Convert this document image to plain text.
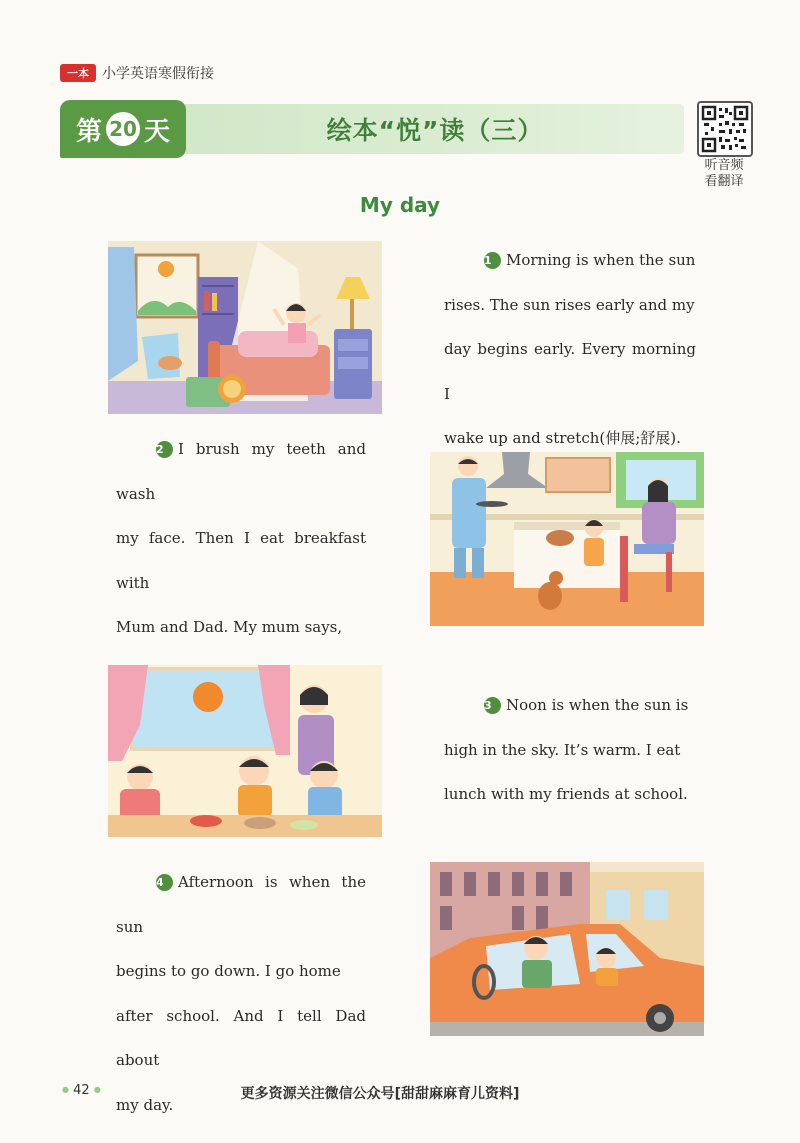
一本 小学英语寒假衔接
第 20 天	绘本“悦”读（三）
听音频
看翻译
My day
1 Morning is when the sun
rises. The sun rises early and my
day begins early. Every morning I
wake up and stretch(伸展;舒展).
2 I brush my teeth and wash
my face. Then I eat breakfast with
Mum and Dad. My mum says,
3 Noon is when the sun is
high in the sky. It’s warm. I eat
lunch with my friends at school.
4 Afternoon is when the sun
begins to go down. I go home
after school. And I tell Dad about
my day.
● 42 ●	更多资源关注微信公众号[甜甜麻麻育儿资料]
